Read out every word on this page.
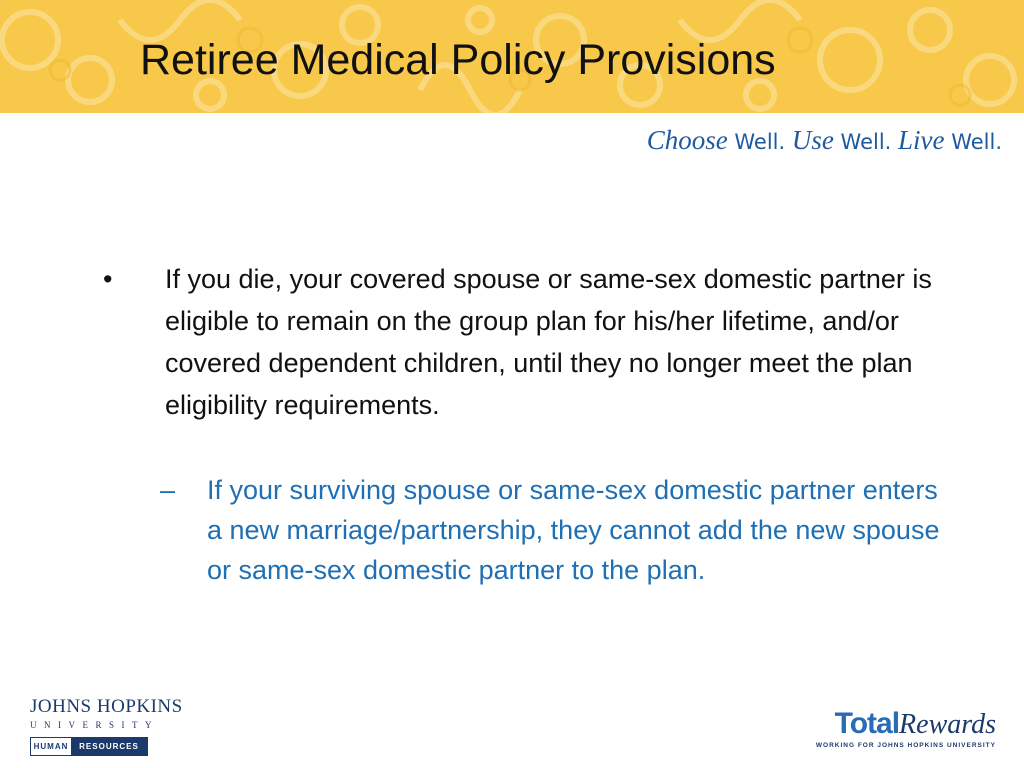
Retiree Medical Policy Provisions
Choose Well. Use Well. Live Well.
• If you die, your covered spouse or same-sex domestic partner is eligible to remain on the group plan for his/her lifetime, and/or covered dependent children, until they no longer meet the plan eligibility requirements.
– If your surviving spouse or same-sex domestic partner enters a new marriage/partnership, they cannot add the new spouse or same-sex domestic partner to the plan.
JOHNS HOPKINS
UNIVERSITY
HUMAN	RESOURCES
TotalRewards
WORKING FOR JOHNS HOPKINS UNIVERSITY
